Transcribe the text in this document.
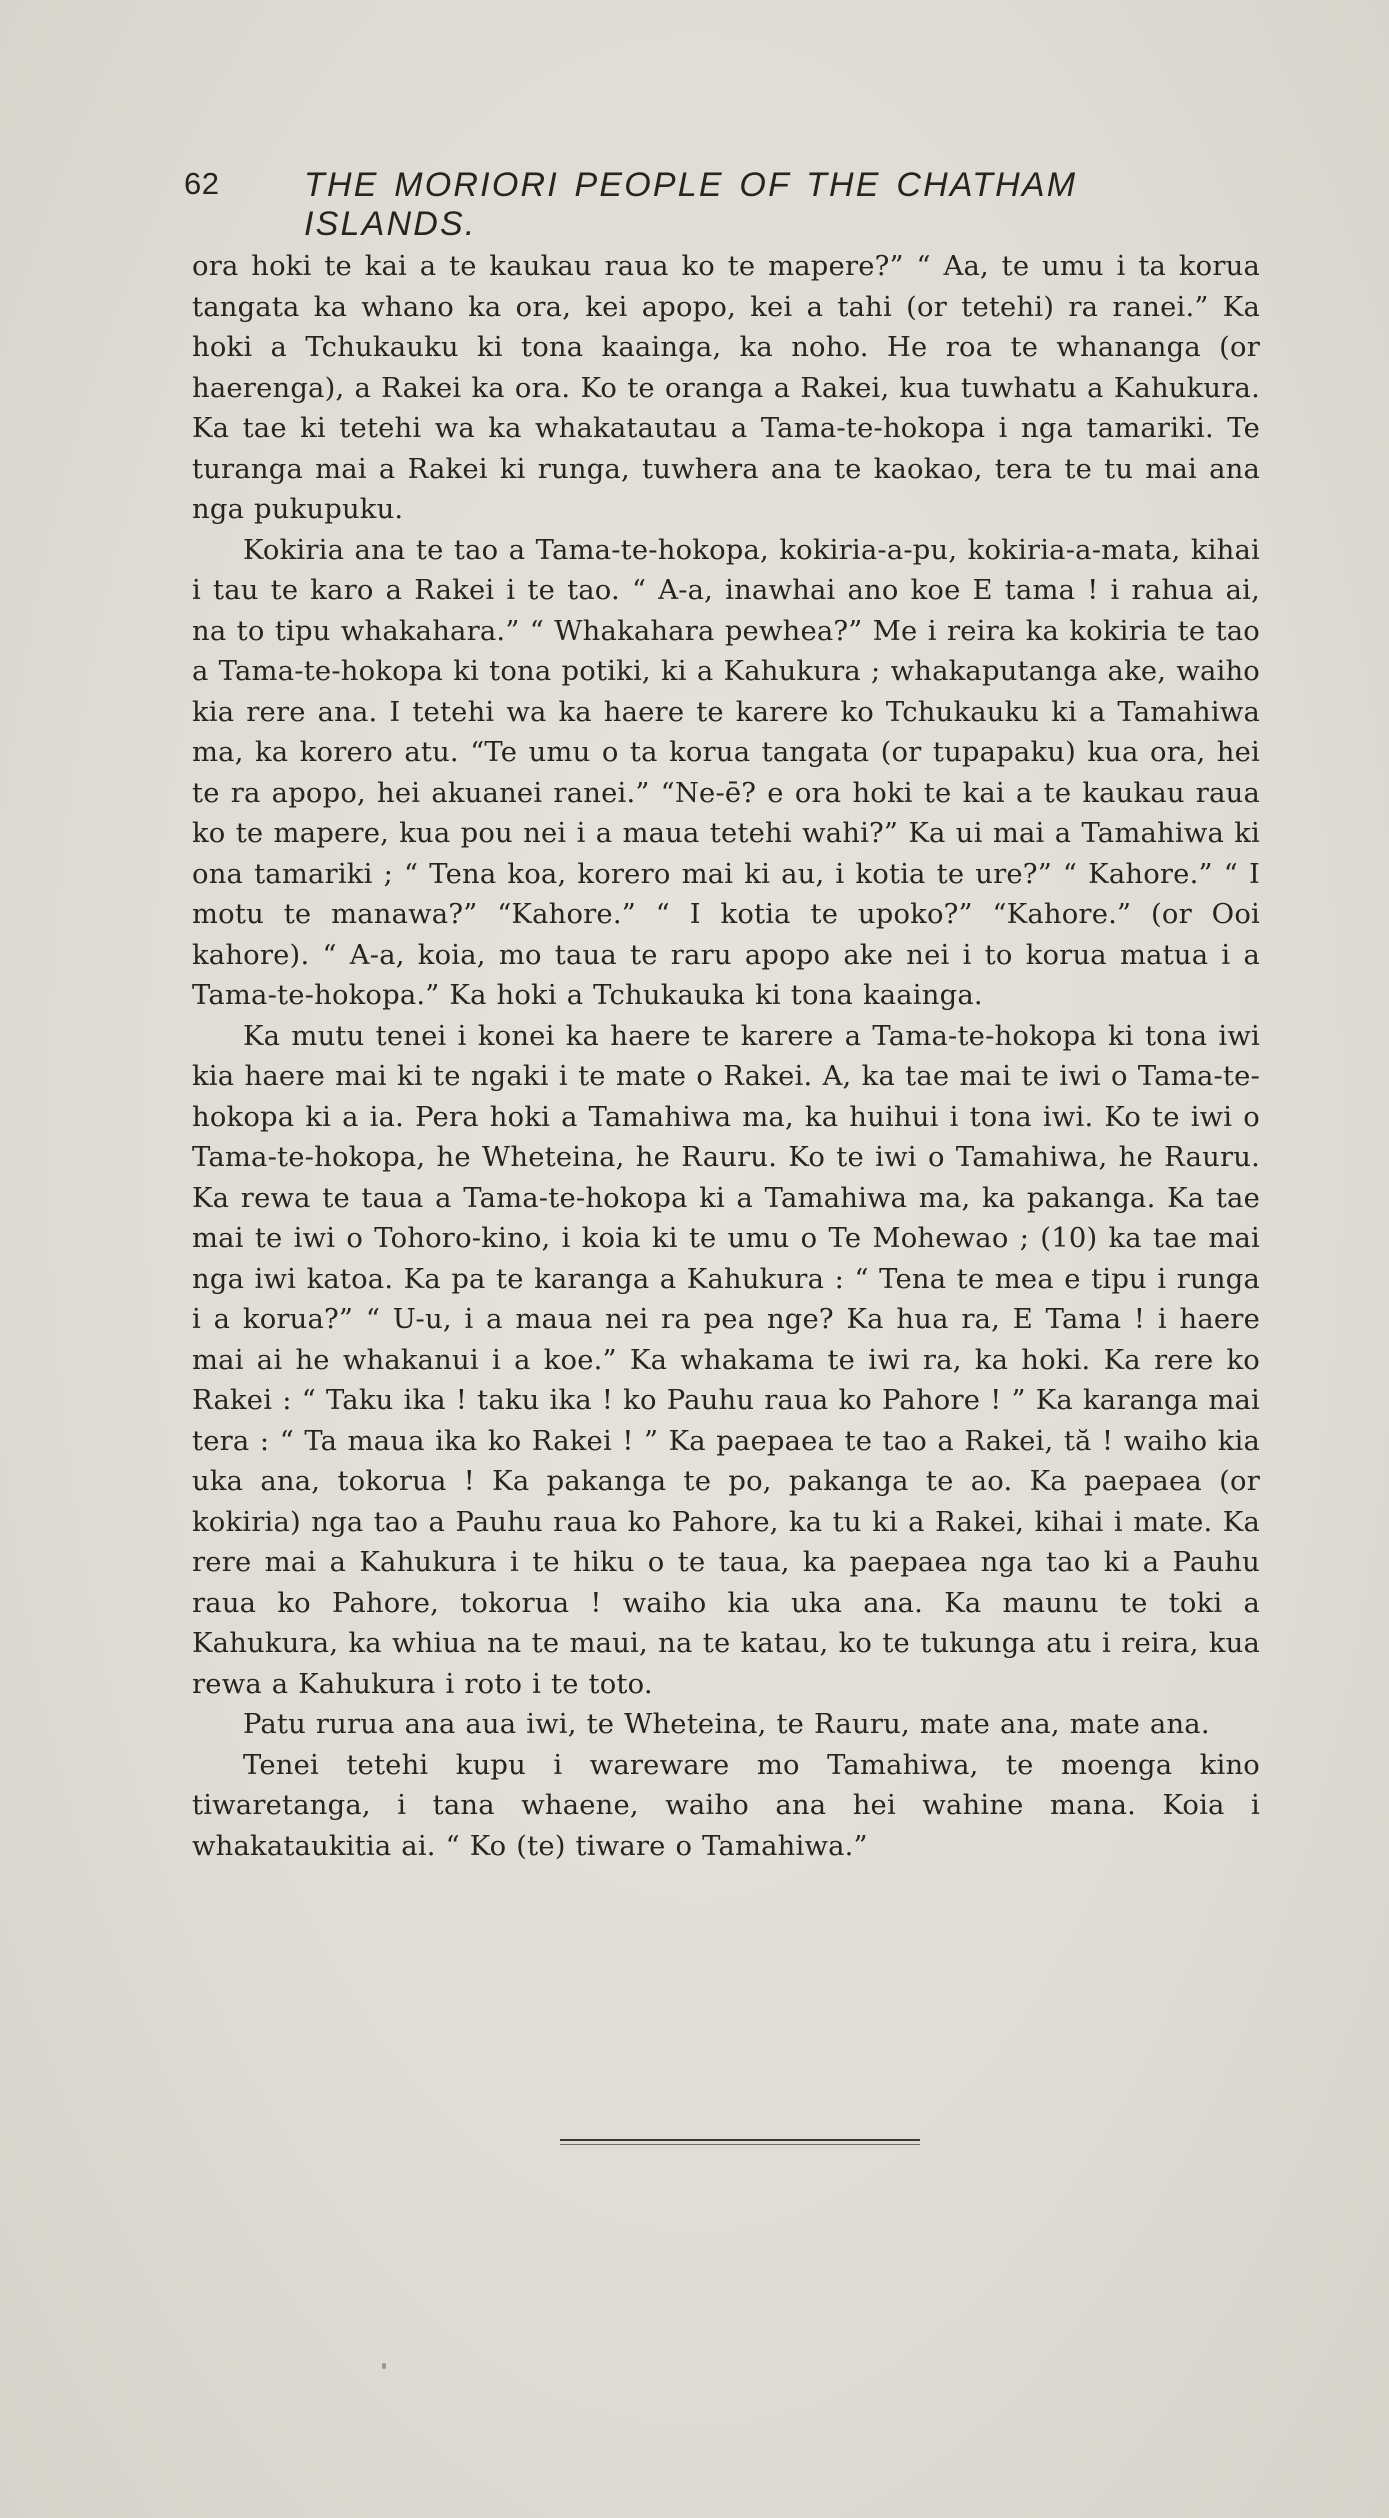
62 THE MORIORI PEOPLE OF THE CHATHAM ISLANDS.

ora hoki te kai a te kaukau raua ko te mapere?” “ Aa, te umu i ta korua tangata ka whano ka ora, kei apopo, kei a tahi (or tetehi) ra ranei.” Ka hoki a Tchukauku ki tona kaainga, ka noho. He roa te whananga (or haerenga), a Rakei ka ora. Ko te oranga a Rakei, kua tuwhatu a Kahukura. Ka tae ki tetehi wa ka whakatautau a Tama-te-hokopa i nga tamariki. Te turanga mai a Rakei ki runga, tuwhera ana te kaokao, tera te tu mai ana nga pukupuku.

Kokiria ana te tao a Tama-te-hokopa, kokiria-a-pu, kokiria-a-mata, kihai i tau te karo a Rakei i te tao. “ A-a, inawhai ano koe E tama ! i rahua ai, na to tipu whakahara.” “ Whakahara pewhea?” Me i reira ka kokiria te tao a Tama-te-hokopa ki tona potiki, ki a Kahukura ; whakaputanga ake, waiho kia rere ana. I tetehi wa ka haere te karere ko Tchukauku ki a Tamahiwa ma, ka korero atu. “Te umu o ta korua tangata (or tupapaku) kua ora, hei te ra apopo, hei akuanei ranei.” “Ne-ē? e ora hoki te kai a te kaukau raua ko te mapere, kua pou nei i a maua tetehi wahi?” Ka ui mai a Tamahiwa ki ona tamariki ; “ Tena koa, korero mai ki au, i kotia te ure?” “ Kahore.” “ I motu te manawa?” “Kahore.” “ I kotia te upoko?” “Kahore.” (or Ooi kahore). “ A-a, koia, mo taua te raru apopo ake nei i to korua matua i a Tama-te-hokopa.” Ka hoki a Tchukauka ki tona kaainga.

Ka mutu tenei i konei ka haere te karere a Tama-te-hokopa ki tona iwi kia haere mai ki te ngaki i te mate o Rakei. A, ka tae mai te iwi o Tama-te-hokopa ki a ia. Pera hoki a Tamahiwa ma, ka huihui i tona iwi. Ko te iwi o Tama-te-hokopa, he Wheteina, he Rauru. Ko te iwi o Tamahiwa, he Rauru. Ka rewa te taua a Tama-te-hokopa ki a Tamahiwa ma, ka pakanga. Ka tae mai te iwi o Tohoro-kino, i koia ki te umu o Te Mohewao ; (10) ka tae mai nga iwi katoa. Ka pa te karanga a Kahukura : “ Tena te mea e tipu i runga i a korua?” “ U-u, i a maua nei ra pea nge? Ka hua ra, E Tama ! i haere mai ai he whakanui i a koe.” Ka whakama te iwi ra, ka hoki. Ka rere ko Rakei : “ Taku ika ! taku ika ! ko Pauhu raua ko Pahore ! ” Ka karanga mai tera : “ Ta maua ika ko Rakei ! ” Ka paepaea te tao a Rakei, tă ! waiho kia uka ana, tokorua ! Ka pakanga te po, pakanga te ao. Ka paepaea (or kokiria) nga tao a Pauhu raua ko Pahore, ka tu ki a Rakei, kihai i mate. Ka rere mai a Kahukura i te hiku o te taua, ka paepaea nga tao ki a Pauhu raua ko Pahore, tokorua ! waiho kia uka ana. Ka maunu te toki a Kahukura, ka whiua na te maui, na te katau, ko te tukunga atu i reira, kua rewa a Kahukura i roto i te toto.

Patu rurua ana aua iwi, te Wheteina, te Rauru, mate ana, mate ana.

Tenei tetehi kupu i wareware mo Tamahiwa, te moenga kino tiwaretanga, i tana whaene, waiho ana hei wahine mana. Koia i whakataukitia ai. “ Ko (te) tiware o Tamahiwa.”
